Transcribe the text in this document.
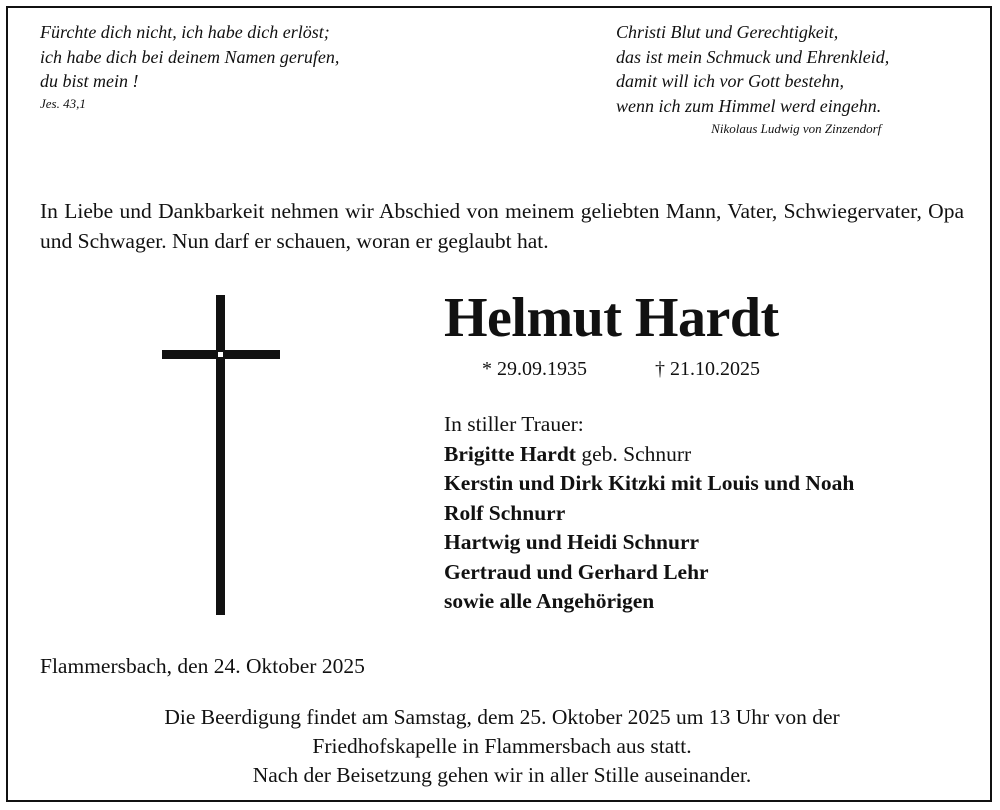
Fürchte dich nicht, ich habe dich erlöst;
ich habe dich bei deinem Namen gerufen,
du bist mein !
Jes. 43,1
Christi Blut und Gerechtigkeit,
das ist mein Schmuck und Ehrenkleid,
damit will ich vor Gott bestehn,
wenn ich zum Himmel werd eingehn.
Nikolaus Ludwig von Zinzendorf
In Liebe und Dankbarkeit nehmen wir Abschied von meinem geliebten Mann, Vater, Schwiegervater, Opa und Schwager. Nun darf er schauen, woran er geglaubt hat.
Helmut Hardt
* 29.09.1935	† 21.10.2025
In stiller Trauer:
Brigitte Hardt geb. Schnurr
Kerstin und Dirk Kitzki mit Louis und Noah
Rolf Schnurr
Hartwig und Heidi Schnurr
Gertraud und Gerhard Lehr
sowie alle Angehörigen
Flammersbach, den 24. Oktober 2025
Die Beerdigung findet am Samstag, dem 25. Oktober 2025 um 13 Uhr von der
Friedhofskapelle in Flammersbach aus statt.
Nach der Beisetzung gehen wir in aller Stille auseinander.
